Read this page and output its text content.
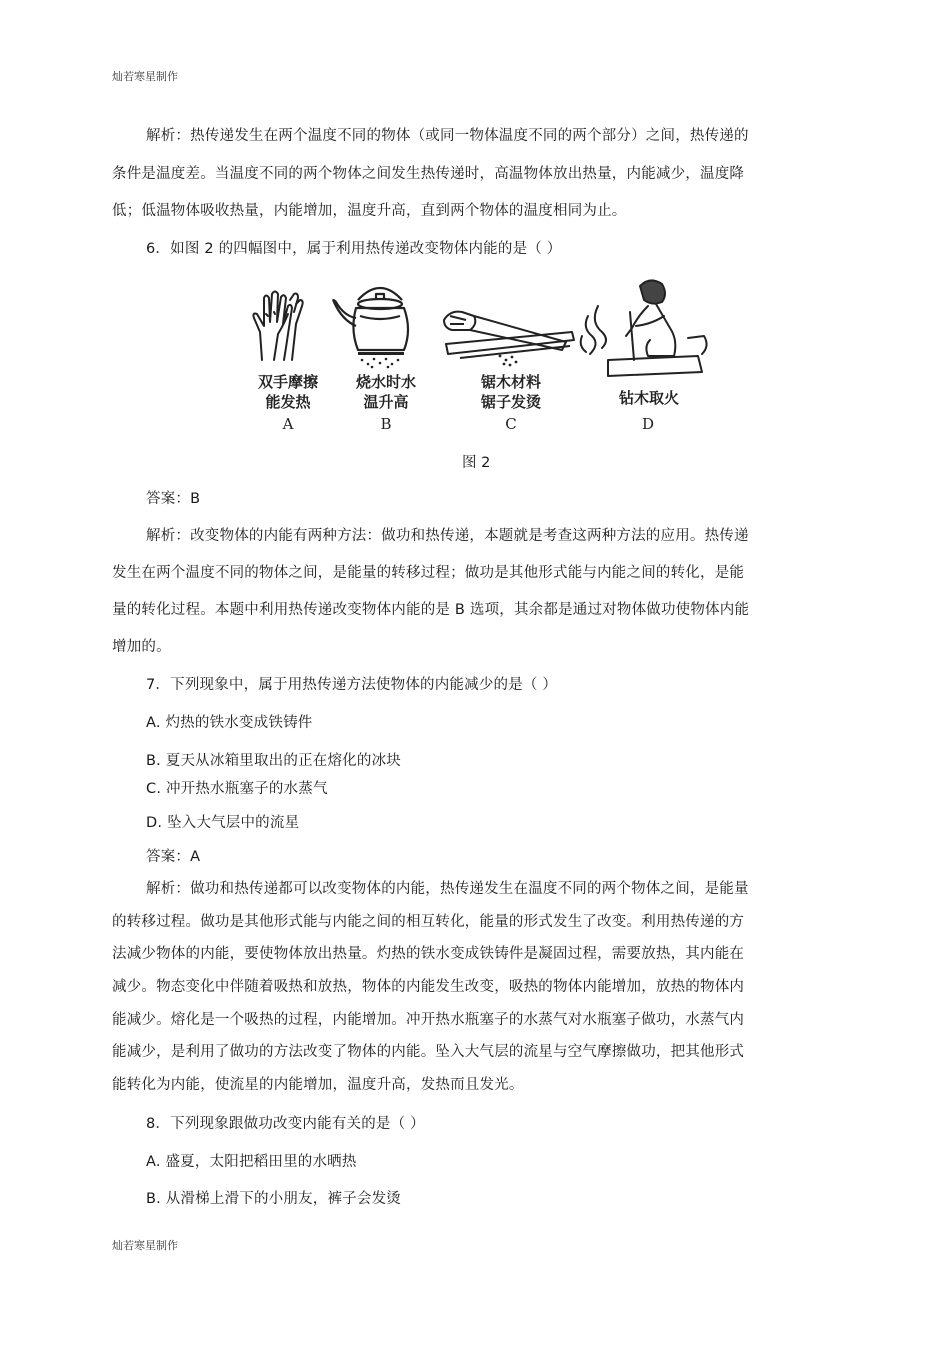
灿若寒星制作
解析：热传递发生在两个温度不同的物体（或同一物体温度不同的两个部分）之间，热传递的
条件是温度差。当温度不同的两个物体之间发生热传递时，高温物体放出热量，内能减少，温度降
低；低温物体吸收热量，内能增加，温度升高，直到两个物体的温度相同为止。
6．如图 2 的四幅图中，属于利用热传递改变物体内能的是（ ）
双手摩擦
能发热
A
烧水时水
温升高
B
锯木材料
锯子发烫
C
钻木取火
D
图 2
答案：B
解析：改变物体的内能有两种方法：做功和热传递，本题就是考查这两种方法的应用。热传递
发生在两个温度不同的物体之间，是能量的转移过程；做功是其他形式能与内能之间的转化，是能
量的转化过程。本题中利用热传递改变物体内能的是 B 选项，其余都是通过对物体做功使物体内能
增加的。
7．下列现象中，属于用热传递方法使物体的内能减少的是（ ）
A. 灼热的铁水变成铁铸件
B. 夏天从冰箱里取出的正在熔化的冰块
C. 冲开热水瓶塞子的水蒸气
D. 坠入大气层中的流星
答案：A
解析：做功和热传递都可以改变物体的内能，热传递发生在温度不同的两个物体之间，是能量
的转移过程。做功是其他形式能与内能之间的相互转化，能量的形式发生了改变。利用热传递的方
法减少物体的内能，要使物体放出热量。灼热的铁水变成铁铸件是凝固过程，需要放热，其内能在
减少。物态变化中伴随着吸热和放热，物体的内能发生改变，吸热的物体内能增加，放热的物体内
能减少。熔化是一个吸热的过程，内能增加。冲开热水瓶塞子的水蒸气对水瓶塞子做功，水蒸气内
能减少，是利用了做功的方法改变了物体的内能。坠入大气层的流星与空气摩擦做功，把其他形式
能转化为内能，使流星的内能增加，温度升高，发热而且发光。
8．下列现象跟做功改变内能有关的是（ ）
A. 盛夏，太阳把稻田里的水晒热
B. 从滑梯上滑下的小朋友，裤子会发烫
灿若寒星制作
